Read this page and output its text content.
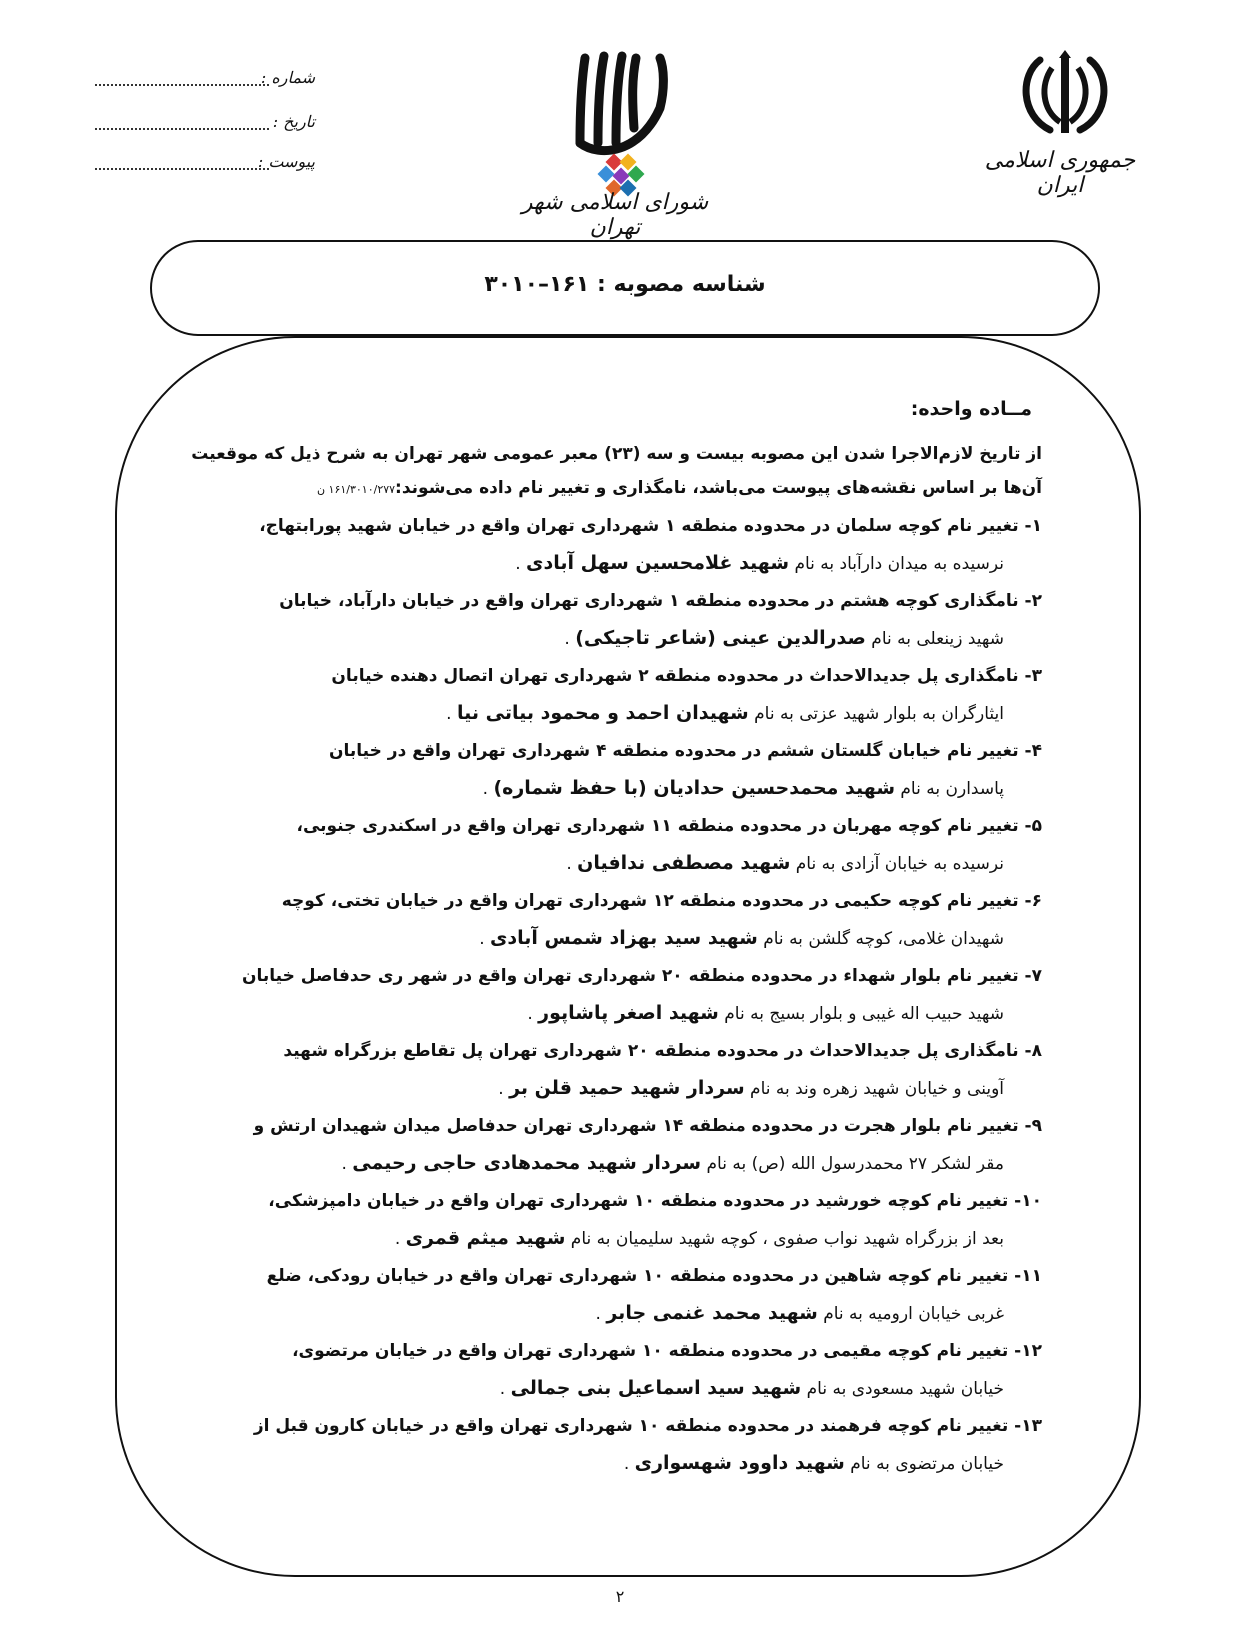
جمهوری اسلامی ایران
شورای اسلامی شهر تهران
شماره :
تاریخ :
پیوست :
شناسه مصوبه : ۱۶۱–۳۰۱۰
مــاده واحده:
از تاریخ لازم‌الاجرا شدن این مصوبه بیست و سه (۲۳) معبر عمومی شهر تهران به شرح ذیل که موقعیت
آن‌ها بر اساس نقشه‌های پیوست می‌باشد، نامگذاری و تغییر نام داده می‌شوند:۱۶۱/۳۰۱۰/۲۷۷ ن
۱- تغییر نام کوچه سلمان در محدوده منطقه ۱ شهرداری تهران واقع در خیابان شهید پورابتهاج،
نرسیده به میدان دارآباد به نام شهید غلامحسین سهل آبادی .
۲- نامگذاری کوچه هشتم در محدوده منطقه ۱ شهرداری تهران واقع در خیابان دارآباد، خیابان
شهید زینعلی به نام صدرالدین عینی (شاعر تاجیکی) .
۳- نامگذاری پل جدیدالاحداث در محدوده منطقه ۲ شهرداری تهران اتصال دهنده خیابان
ایثارگران به بلوار شهید عزتی به نام شهیدان احمد و محمود بیاتی نیا .
۴- تغییر نام خیابان گلستان ششم در محدوده منطقه ۴ شهرداری تهران واقع در خیابان
پاسدارن به نام شهید محمدحسین حدادیان (با حفظ شماره) .
۵- تغییر نام کوچه مهربان در محدوده منطقه ۱۱ شهرداری تهران واقع در اسکندری جنوبی،
نرسیده به خیابان آزادی به نام شهید مصطفی ندافیان .
۶- تغییر نام کوچه حکیمی در محدوده منطقه ۱۲ شهرداری تهران واقع در خیابان تختی، کوچه
شهیدان غلامی، کوچه گلشن به نام شهید سید بهزاد شمس آبادی .
۷- تغییر نام بلوار شهداء در محدوده منطقه ۲۰ شهرداری تهران واقع در شهر ری حدفاصل خیابان
شهید حبیب اله غیبی و بلوار بسیج به نام شهید اصغر پاشاپور .
۸- نامگذاری پل جدیدالاحداث در محدوده منطقه ۲۰ شهرداری تهران پل تقاطع بزرگراه شهید
آوینی و خیابان شهید زهره وند به نام سردار شهید حمید قلن بر .
۹- تغییر نام بلوار هجرت در محدوده منطقه ۱۴ شهرداری تهران حدفاصل میدان شهیدان ارتش و
مقر لشکر ۲۷ محمدرسول الله (ص) به نام سردار شهید محمدهادی حاجی رحیمی .
۱۰- تغییر نام کوچه خورشید در محدوده منطقه ۱۰ شهرداری تهران واقع در خیابان دامپزشکی،
بعد از بزرگراه شهید نواب صفوی ، کوچه شهید سلیمیان به نام شهید میثم قمری .
۱۱- تغییر نام کوچه شاهین در محدوده منطقه ۱۰ شهرداری تهران واقع در خیابان رودکی، ضلع
غربی خیابان ارومیه به نام شهید محمد غنمی جابر .
۱۲- تغییر نام کوچه مقیمی در محدوده منطقه ۱۰ شهرداری تهران واقع در خیابان مرتضوی،
خیابان شهید مسعودی به نام شهید سید اسماعیل بنی جمالی .
۱۳- تغییر نام کوچه فرهمند در محدوده منطقه ۱۰ شهرداری تهران واقع در خیابان کارون قبل از
خیابان مرتضوی به نام شهید داوود شهسواری .
۲
